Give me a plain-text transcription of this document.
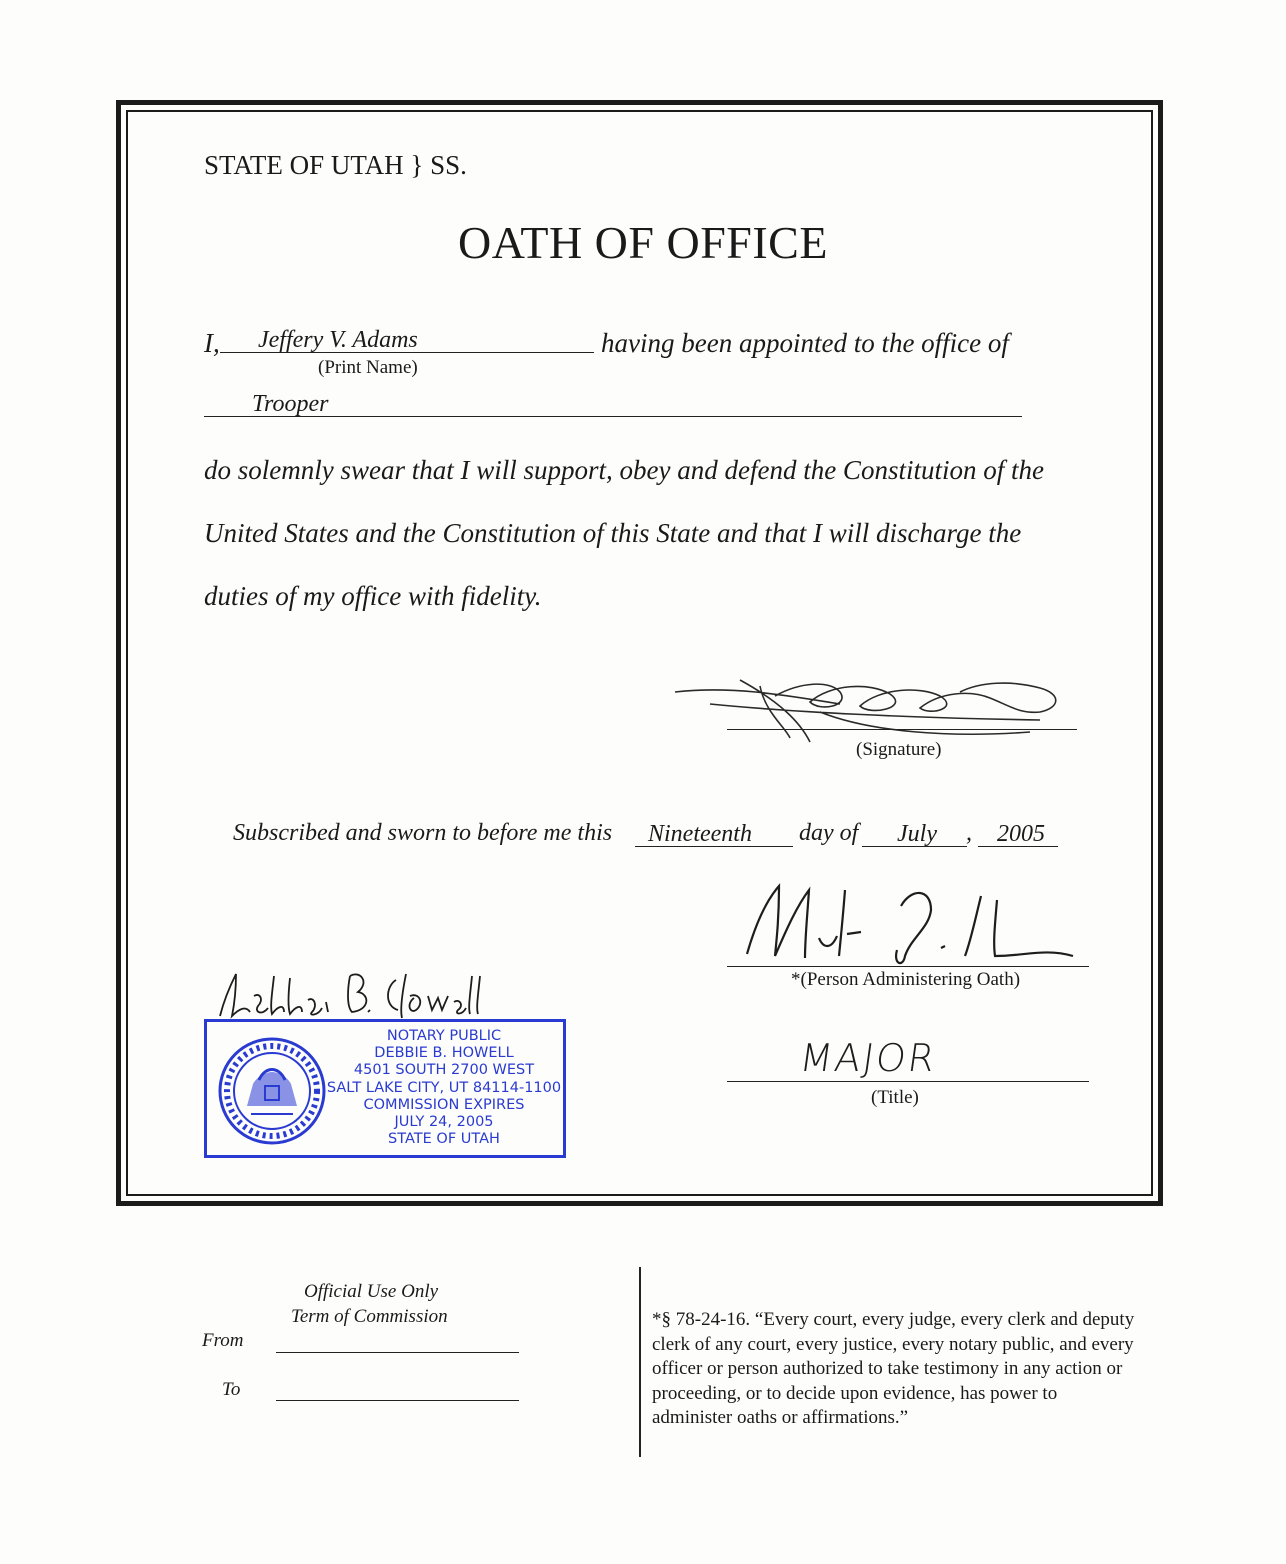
STATE OF UTAH } SS.
OATH OF OFFICE
I, Jeffery V. Adams	having been appointed to the office of
(Print Name)
Trooper
do solemnly swear that I will support, obey and defend the Constitution of the
United States and the Constitution of this State and that I will discharge the
duties of my office with fidelity.
(Signature)
Subscribed and sworn to before me this Nineteenth day of July , 2005
*(Person Administering Oath)
MAJOR
(Title)
NOTARY PUBLIC
DEBBIE B. HOWELL
4501 SOUTH 2700 WEST
SALT LAKE CITY, UT 84114-1100
COMMISSION EXPIRES
JULY 24, 2005
STATE OF UTAH
Official Use Only
Term of Commission
From
To
*§ 78-24-16. “Every court, every judge, every clerk and deputy clerk of any court, every justice, every notary public, and every officer or person authorized to take testimony in any action or proceeding, or to decide upon evidence, has power to administer oaths or affirmations.”
